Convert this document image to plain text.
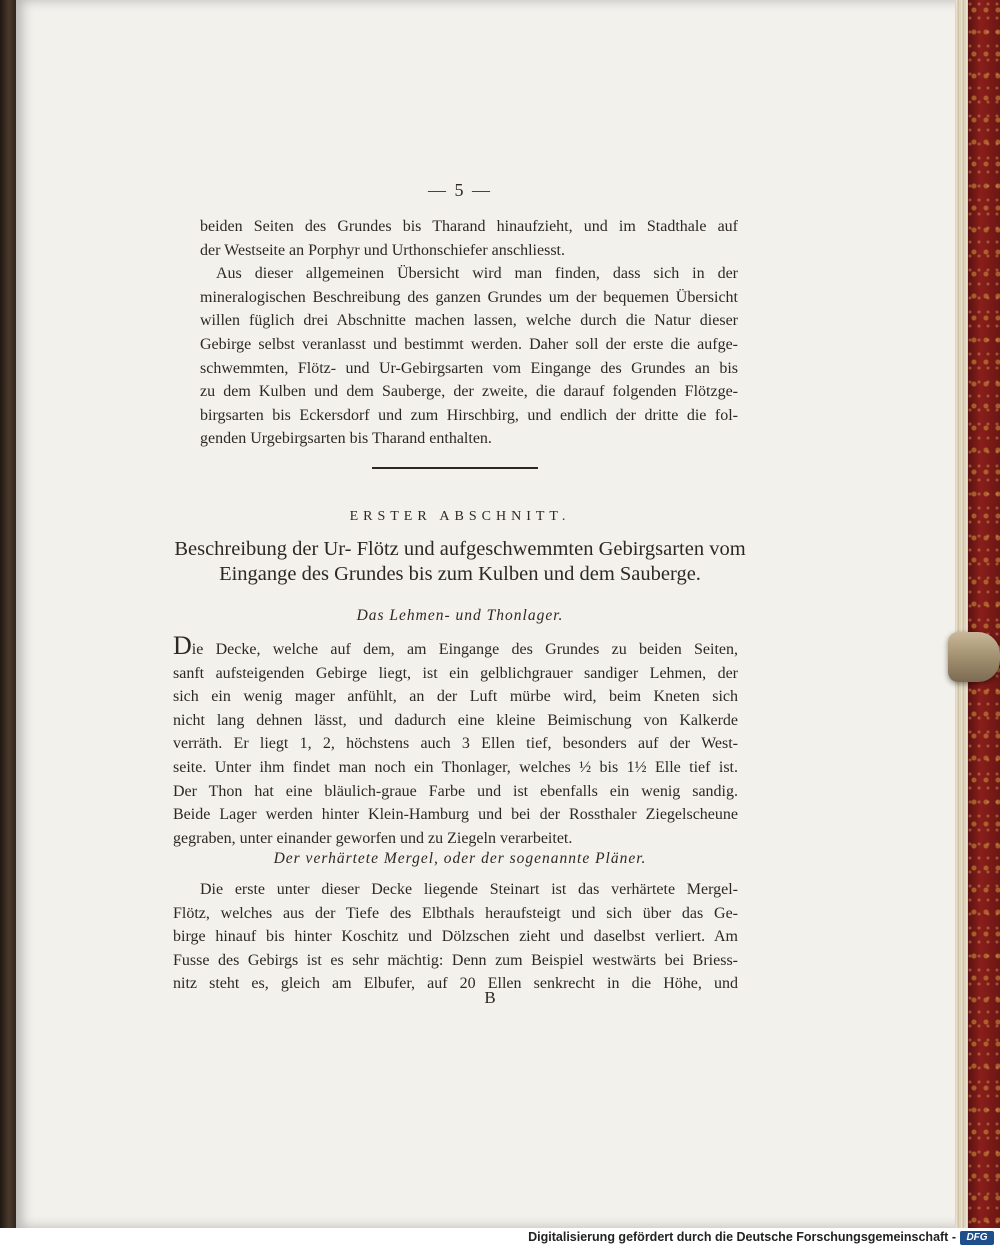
— 5 —
beiden Seiten des Grundes bis Tharand hinaufzieht, und im Stadthale auf
der Westseite an Porphyr und Urthonschiefer anschliesst.
Aus dieser allgemeinen Übersicht wird man finden, dass sich in der
mineralogischen Beschreibung des ganzen Grundes um der bequemen Übersicht
willen füglich drei Abschnitte machen lassen, welche durch die Natur dieser
Gebirge selbst veranlasst und bestimmt werden. Daher soll der erste die aufge-
schwemmten, Flötz- und Ur-Gebirgsarten vom Eingange des Grundes an bis
zu dem Kulben und dem Sauberge, der zweite, die darauf folgenden Flötzge-
birgsarten bis Eckersdorf und zum Hirschbirg, und endlich der dritte die fol-
genden Urgebirgsarten bis Tharand enthalten.
ERSTER ABSCHNITT.
Beschreibung der Ur- Flötz und aufgeschwemmten Gebirgsarten vom
Eingange des Grundes bis zum Kulben und dem Sauberge.
Das Lehmen- und Thonlager.
Die Decke, welche auf dem, am Eingange des Grundes zu beiden Seiten,
sanft aufsteigenden Gebirge liegt, ist ein gelblichgrauer sandiger Lehmen, der
sich ein wenig mager anfühlt, an der Luft mürbe wird, beim Kneten sich
nicht lang dehnen lässt, und dadurch eine kleine Beimischung von Kalkerde
verräth. Er liegt 1, 2, höchstens auch 3 Ellen tief, besonders auf der West-
seite. Unter ihm findet man noch ein Thonlager, welches ½ bis 1½ Elle tief ist.
Der Thon hat eine bläulich-graue Farbe und ist ebenfalls ein wenig sandig.
Beide Lager werden hinter Klein-Hamburg und bei der Rossthaler Ziegelscheune
gegraben, unter einander geworfen und zu Ziegeln verarbeitet.
Der verhärtete Mergel, oder der sogenannte Pläner.
Die erste unter dieser Decke liegende Steinart ist das verhärtete Mergel-
Flötz, welches aus der Tiefe des Elbthals heraufsteigt und sich über das Ge-
birge hinauf bis hinter Koschitz und Dölzschen zieht und daselbst verliert. Am
Fusse des Gebirgs ist es sehr mächtig: Denn zum Beispiel westwärts bei Briess-
nitz steht es, gleich am Elbufer, auf 20 Ellen senkrecht in die Höhe, und
B
Digitalisierung gefördert durch die Deutsche Forschungsgemeinschaft -	DFG
